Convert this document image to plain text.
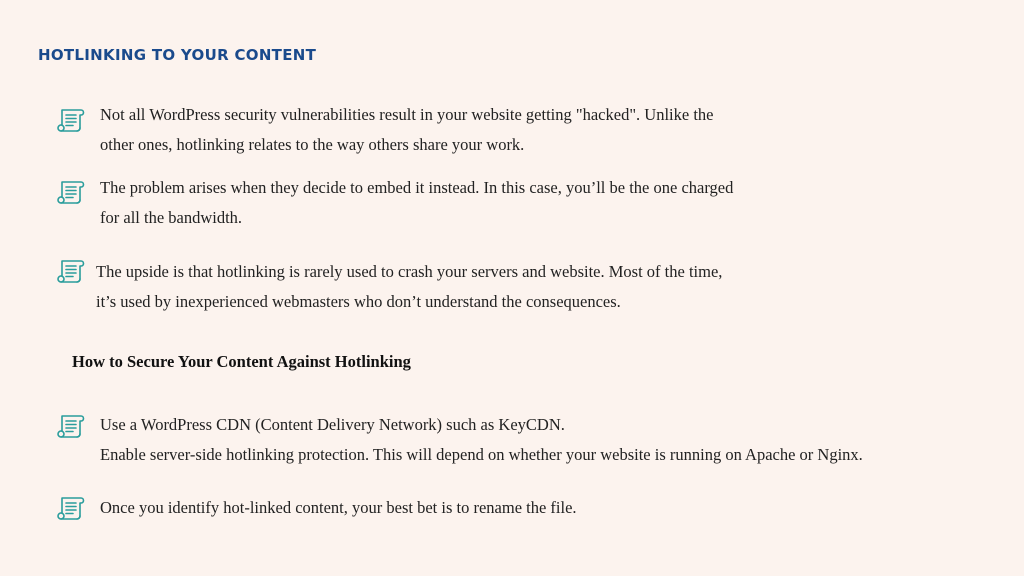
HOTLINKING TO YOUR CONTENT
Not all WordPress security vulnerabilities result in your website getting "hacked". Unlike the
other ones, hotlinking relates to the way others share your work.
The problem arises when they decide to embed it instead. In this case, you’ll be the one charged
for all the bandwidth.
The upside is that hotlinking is rarely used to crash your servers and website. Most of the time,
it’s used by inexperienced webmasters who don’t understand the consequences.
How to Secure Your Content Against Hotlinking
Use a WordPress CDN (Content Delivery Network) such as KeyCDN.
Enable server-side hotlinking protection. This will depend on whether your website is running on Apache or Nginx.
Once you identify hot-linked content, your best bet is to rename the file.
